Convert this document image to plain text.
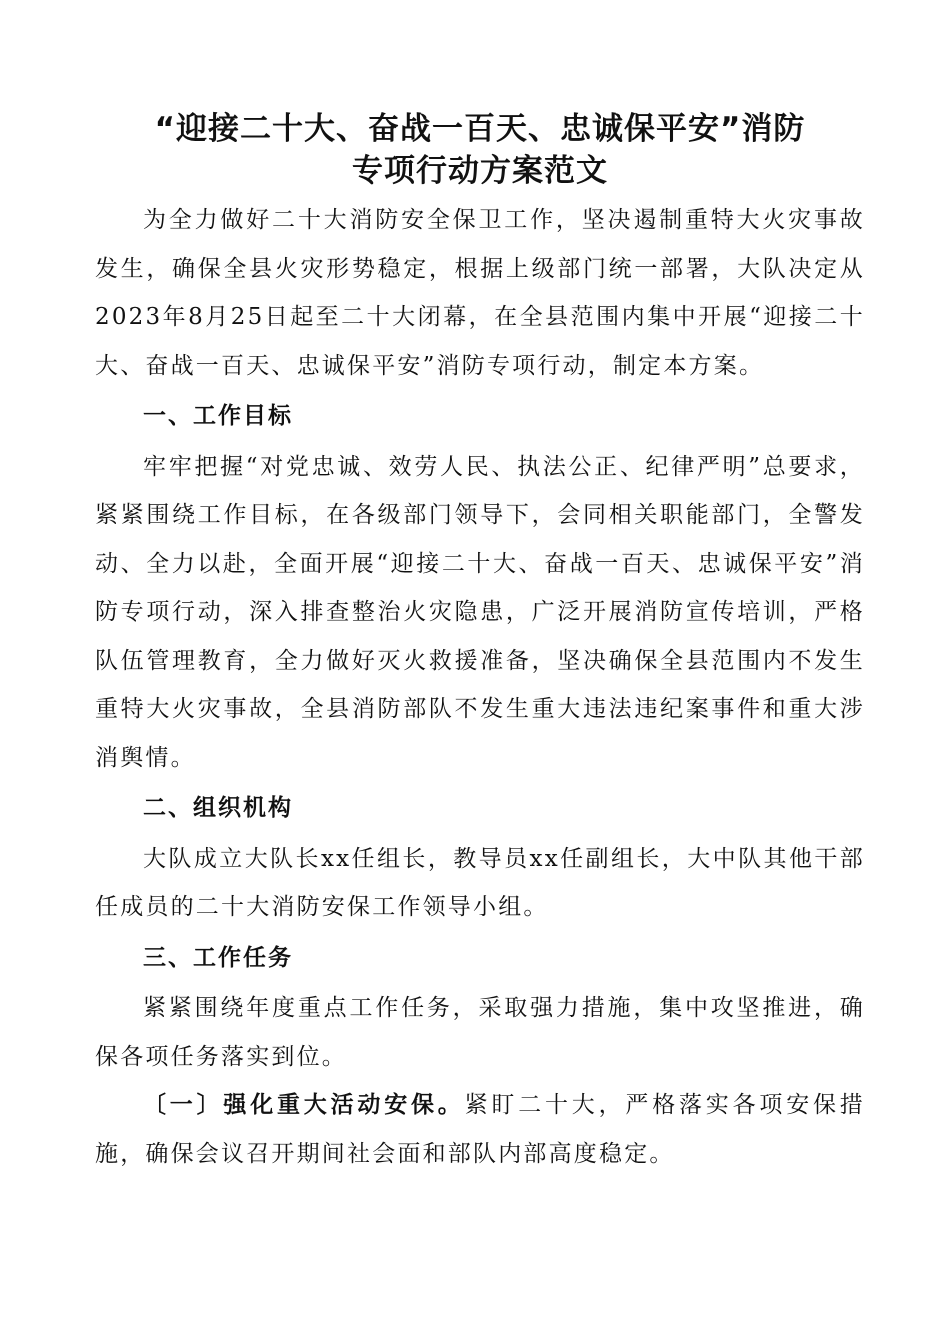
“迎接二十大、奋战一百天、忠诚保平安”消防
专项行动方案范文

为全力做好二十大消防安全保卫工作，坚决遏制重特大火灾事故发生，确保全县火灾形势稳定，根据上级部门统一部署，大队决定从2023年8月25日起至二十大闭幕，在全县范围内集中开展“迎接二十大、奋战一百天、忠诚保平安”消防专项行动，制定本方案。

一、工作目标

牢牢把握“对党忠诚、效劳人民、执法公正、纪律严明”总要求，紧紧围绕工作目标，在各级部门领导下，会同相关职能部门，全警发动、全力以赴，全面开展“迎接二十大、奋战一百天、忠诚保平安”消防专项行动，深入排查整治火灾隐患，广泛开展消防宣传培训，严格队伍管理教育，全力做好灭火救援准备，坚决确保全县范围内不发生重特大火灾事故，全县消防部队不发生重大违法违纪案事件和重大涉消舆情。

二、组织机构

大队成立大队长xx任组长，教导员xx任副组长，大中队其他干部任成员的二十大消防安保工作领导小组。

三、工作任务

紧紧围绕年度重点工作任务，采取强力措施，集中攻坚推进，确保各项任务落实到位。

〔一〕强化重大活动安保。紧盯二十大，严格落实各项安保措施，确保会议召开期间社会面和部队内部高度稳定。
